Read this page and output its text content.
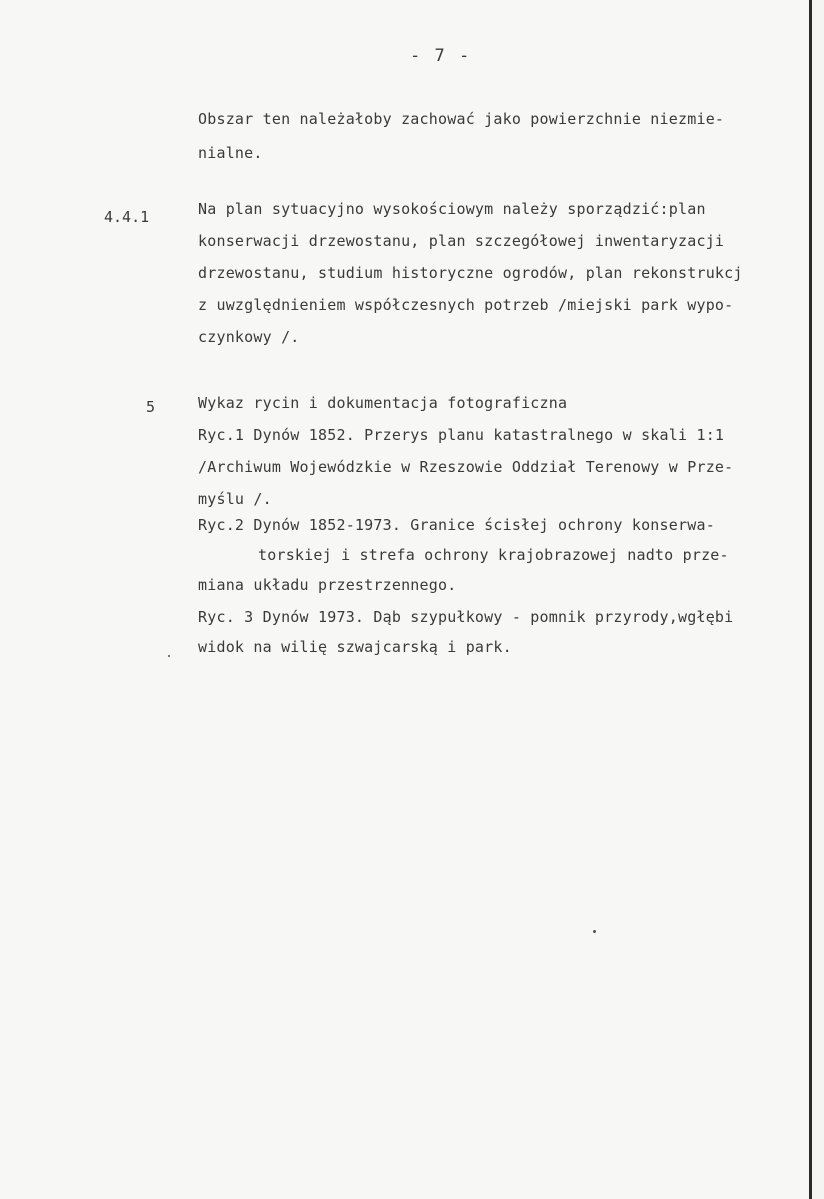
- 7 -
Obszar ten należałoby zachować jako powierzchnie niezmie-
nialne.
4.4.1	Na plan sytuacyjno wysokościowym należy sporządzić:plan
konserwacji drzewostanu, plan szczegółowej inwentaryzacji
drzewostanu, studium historyczne ogrodów, plan rekonstrukcj
z uwzględnieniem współczesnych potrzeb /miejski park wypo-
czynkowy /.
5	Wykaz rycin i dokumentacja fotograficzna
Ryc.1 Dynów 1852. Przerys planu katastralnego w skali 1:1
/Archiwum Wojewódzkie w Rzeszowie Oddział Terenowy w Prze-
myślu /.
Ryc.2 Dynów 1852-1973. Granice ścisłej ochrony konserwa-
torskiej i strefa ochrony krajobrazowej nadto prze-
miana układu przestrzennego.
Ryc. 3 Dynów 1973. Dąb szypułkowy - pomnik przyrody,wgłębi
widok na wilię szwajcarską i park.
